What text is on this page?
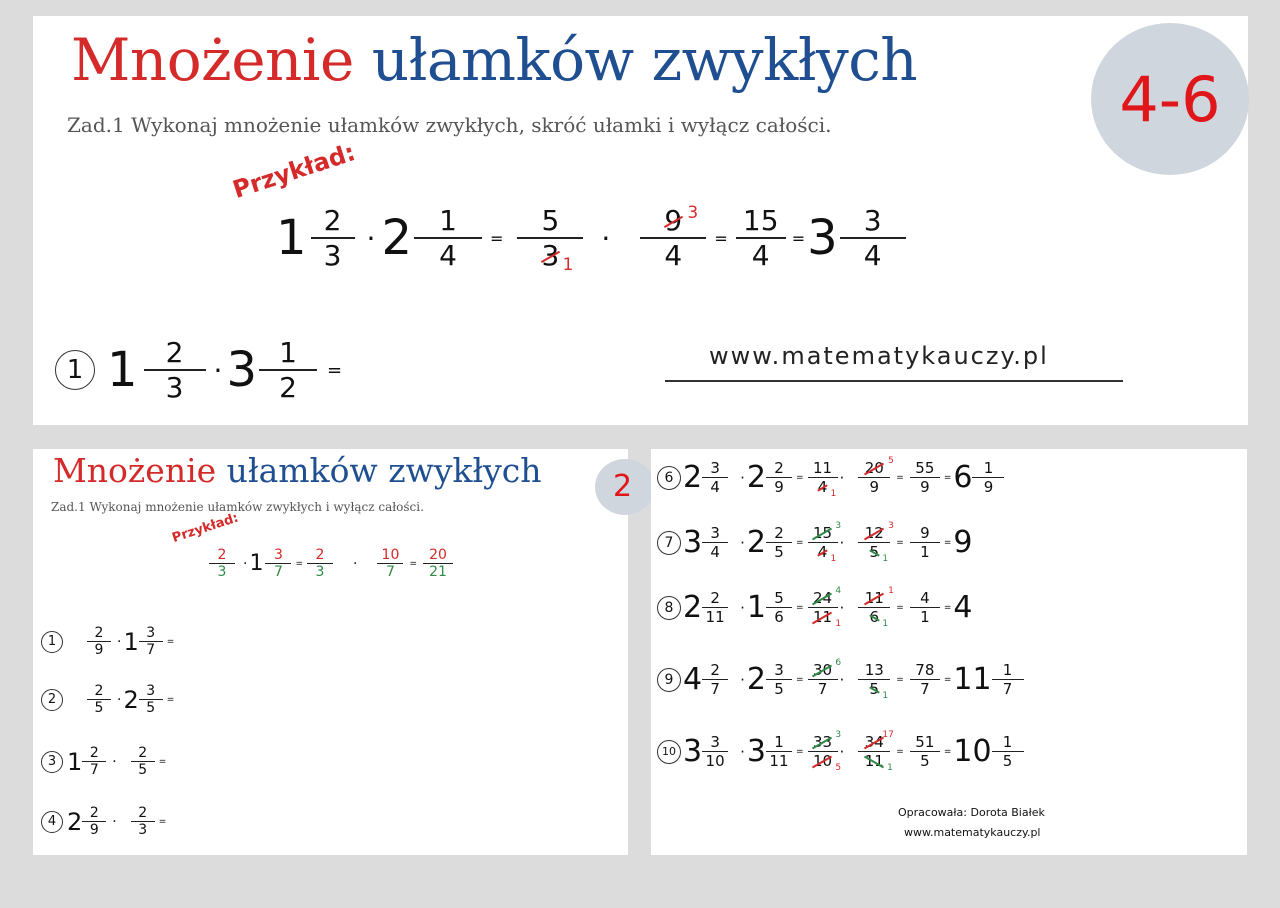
Mnożenie ułamków zwykłych
Zad.1 Wykonaj mnożenie ułamków zwykłych, skróć ułamki i wyłącz całości.	4-6
Przykład:
$1 \frac{2}{3} \cdot 2 \frac{1}{4} = \frac{5}{3 1} \cdot \frac{9 3}{4} = \frac{15}{4} = 3 \frac{3}{4}$
1 $1 \frac{2}{3} \cdot 3 \frac{1}{2}$ =	www.matematykauczy.pl
Mnożenie ułamków zwykłych
Zad.1 Wykonaj mnożenie ułamków zwykłych i wyłącz całości.
2
Przykład:
$\frac{2}{3} \cdot 1 \frac{3}{7} = \frac{2}{3} \cdot \frac{10}{7} = \frac{20}{21}$
1	$\frac{2}{9} \cdot 1 \frac{3}{7}$ =
2	$\frac{2}{5} \cdot 2 \frac{3}{5}$ =
3 $1 \frac{2}{7} \cdot \frac{2}{5}$ =
4 $2 \frac{2}{9} \cdot \frac{2}{3}$ =
6 $2 \frac{3}{4} \cdot 2 \frac{2}{9} = \frac{11}{4 1} \cdot \frac{20 5}{9} = \frac{55}{9} = 6 \frac{1}{9}$
7 $3 \frac{3}{4} \cdot 2 \frac{2}{5} = \frac{15 3}{4 1} \cdot \frac{12 3}{5 1} = \frac{9}{1} = 9$
8 $2 \frac{2}{11} \cdot 1 \frac{5}{6} = \frac{24 4}{11 1} \cdot \frac{11 1}{6 1} = \frac{4}{1} = 4$
9 $4 \frac{2}{7} \cdot 2 \frac{3}{5} = \frac{30 6}{7} \cdot \frac{13}{5 1} = \frac{78}{7} = 11 \frac{1}{7}$
10 $3 \frac{3}{10} \cdot 3 \frac{1}{11} = \frac{33 3}{10 5} \cdot 34$
17
11 $1 = \frac{51}{5} = 10 \frac{1}{5}$
Opracowała: Dorota Białek
www.matematykauczy.pl
